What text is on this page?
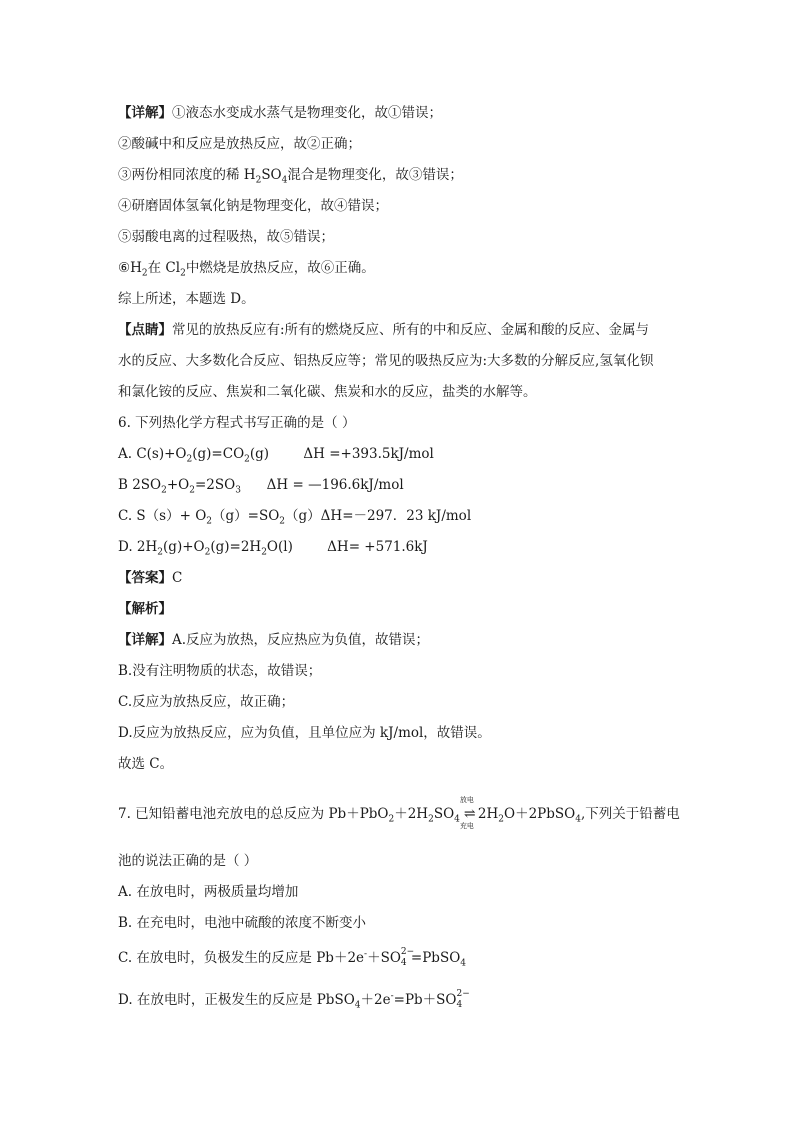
【详解】①液态水变成水蒸气是物理变化，故①错误；
②酸碱中和反应是放热反应，故②正确；
③两份相同浓度的稀 $H_2SO_4$混合是物理变化，故③错误；
④研磨固体氢氧化钠是物理变化，故④错误；
⑤弱酸电离的过程吸热，故⑤错误；
$⑥H_2$在 $Cl_2$中燃烧是放热反应，故⑥正确。
综上所述，本题选 D。
【点睛】常见的放热反应有:所有的燃烧反应、所有的中和反应、金属和酸的反应、金属与
水的反应、大多数化合反应、铝热反应等；常见的吸热反应为:大多数的分解反应,氢氧化钡
和氯化铵的反应、焦炭和二氧化碳、焦炭和水的反应，盐类的水解等。
6. 下列热化学方程式书写正确的是（ ）
A. $C(s)+O_2(g)=CO_2(g)$        ΔH =+393.5kJ/mol
B $2SO_2+O_2=2SO_3$      ΔH = —196.6kJ/mol
C. $S(s)+ O_2(g)=SO_2(g)\Delta H=-297$．23 kJ/mol
D. $2H_2(g)+O_2(g)=2H_2O(l)$        ΔH= +571.6kJ
【答案】C
【解析】
【详解】A.反应为放热，反应热应为负值，故错误；
B.没有注明物质的状态，故错误；
C.反应为放热反应，故正确；
D.反应为放热反应，应为负值，且单位应为 kJ/mol，故错误。
故选 C。
7. 已知铅蓄电池充放电的总反应为 $Pb+PbO_2+2H_2SO_4$
放电
⇌
充电
$2H_2O+2PbSO_4$,下列关于铅蓄电
池的说法正确的是（ ）
A. 在放电时，两极质量均增加
B. 在充电时，电池中硫酸的浓度不断变小
C. 在放电时，负极发生的反应是 Pb＋2e-＋SO 2−
4 =PbSO$_4$
D. 在放电时，正极发生的反应是 PbSO$_4$＋2e-=Pb＋SO 2−
4
